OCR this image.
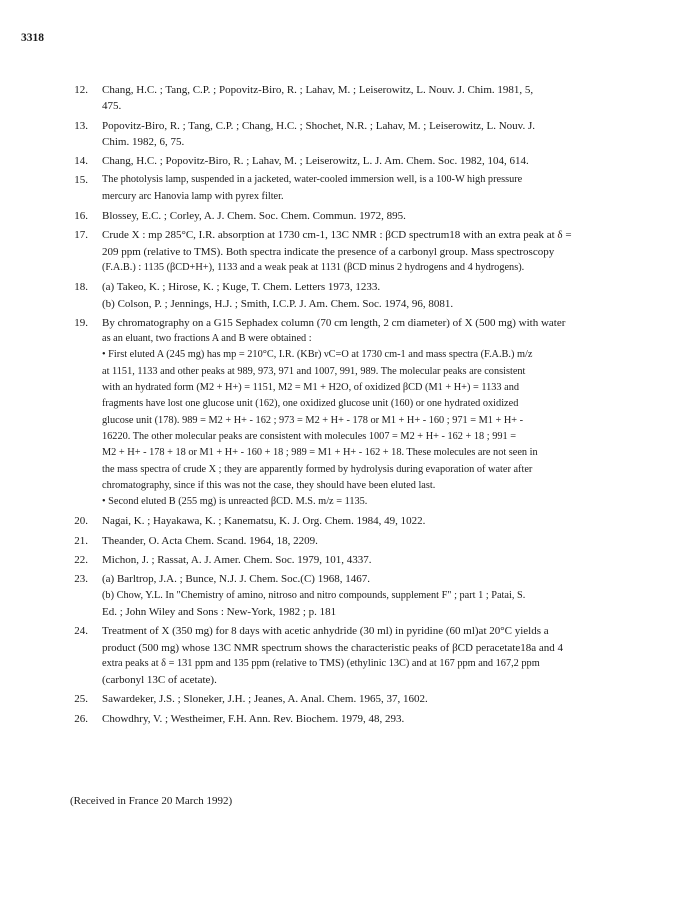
3318
12. Chang, H.C. ; Tang, C.P. ; Popovitz-Biro, R. ; Lahav, M. ; Leiserowitz, L. Nouv. J. Chim. 1981, 5,

475.

13. Popovitz-Biro, R. ; Tang, C.P. ; Chang, H.C. ; Shochet, N.R. ; Lahav, M. ; Leiserowitz, L. Nouv. J.

Chim. 1982, 6, 75.

14. Chang, H.C. ; Popovitz-Biro, R. ; Lahav, M. ; Leiserowitz, L. J. Am. Chem. Soc. 1982, 104, 614.

15. The photolysis lamp, suspended in a jacketed, water-cooled immersion well, is a 100-W high pressure

mercury arc Hanovia lamp with pyrex filter.

16. Blossey, E.C. ; Corley, A. J. Chem. Soc. Chem. Commun. 1972, 895.

17. Crude X : mp 285°C, I.R. absorption at 1730 cm-1, 13C NMR : βCD spectrum18 with an extra peak at δ =

209 ppm (relative to TMS). Both spectra indicate the presence of a carbonyl group. Mass spectroscopy

(F.A.B.) : 1135 (βCD+H+), 1133 and a weak peak at 1131 (βCD minus 2 hydrogens and 4 hydrogens).

18. (a) Takeo, K. ; Hirose, K. ; Kuge, T. Chem. Letters 1973, 1233.

(b) Colson, P. ; Jennings, H.J. ; Smith, I.C.P. J. Am. Chem. Soc. 1974, 96, 8081.

19. By chromatography on a G15 Sephadex column (70 cm length, 2 cm diameter) of X (500 mg) with water

as an eluant, two fractions A and B were obtained :

• First eluted A (245 mg) has mp = 210°C, I.R. (KBr) νC=O at 1730 cm-1 and mass spectra (F.A.B.) m/z

at 1151, 1133 and other peaks at 989, 973, 971 and 1007, 991, 989. The molecular peaks are consistent

with an hydrated form (M2 + H+) = 1151, M2 = M1 + H2O, of oxidized βCD (M1 + H+) = 1133 and

fragments have lost one glucose unit (162), one oxidized glucose unit (160) or one hydrated oxidized

glucose unit (178). 989 = M2 + H+ - 162 ; 973 = M2 + H+ - 178 or M1 + H+ - 160 ; 971 = M1 + H+ -

16220. The other molecular peaks are consistent with molecules 1007 = M2 + H+ - 162 + 18 ; 991 =

M2 + H+ - 178 + 18 or M1 + H+ - 160 + 18 ; 989 = M1 + H+ - 162 + 18. These molecules are not seen in

the mass spectra of crude X ; they are apparently formed by hydrolysis during evaporation of water after

chromatography, since if this was not the case, they should have been eluted last.

• Second eluted B (255 mg) is unreacted βCD. M.S. m/z = 1135.

20. Nagai, K. ; Hayakawa, K. ; Kanematsu, K. J. Org. Chem. 1984, 49, 1022.

21. Theander, O. Acta Chem. Scand. 1964, 18, 2209.

22. Michon, J. ; Rassat, A. J. Amer. Chem. Soc. 1979, 101, 4337.

23. (a) Barltrop, J.A. ; Bunce, N.J. J. Chem. Soc.(C) 1968, 1467.

(b) Chow, Y.L. In "Chemistry of amino, nitroso and nitro compounds, supplement F" ; part 1 ; Patai, S.

Ed. ; John Wiley and Sons : New-York, 1982 ; p. 181

24. Treatment of X (350 mg) for 8 days with acetic anhydride (30 ml) in pyridine (60 ml)at 20°C yields a

product (500 mg) whose 13C NMR spectrum shows the characteristic peaks of βCD peracetate18a and 4

extra peaks at δ = 131 ppm and 135 ppm (relative to TMS) (ethylinic 13C) and at 167 ppm and 167,2 ppm

(carbonyl 13C of acetate).

25. Sawardeker, J.S. ; Sloneker, J.H. ; Jeanes, A. Anal. Chem. 1965, 37, 1602.

26. Chowdhry, V. ; Westheimer, F.H. Ann. Rev. Biochem. 1979, 48, 293.

(Received in France 20 March 1992)
